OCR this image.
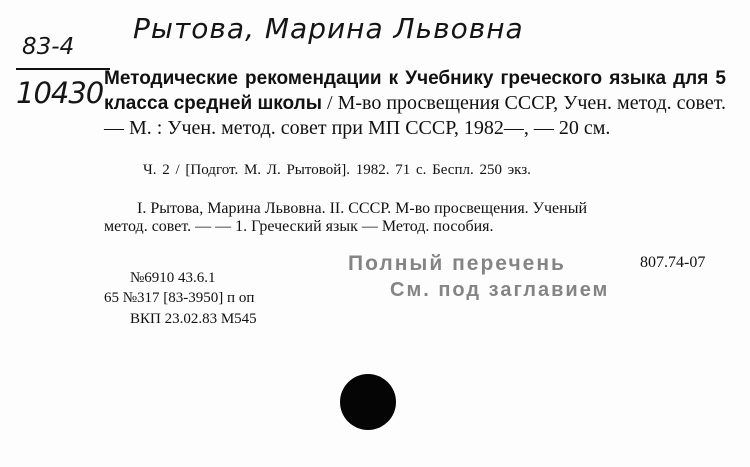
Рытова, Марина Львовна
83-4
10430 Методические рекомендации к Учебнику греческого языка для 5 класса средней школы / М-во просвещения СССР, Учен. метод. совет. — М. : Учен. метод. совет при МП СССР, 1982—, — 20 см.
Ч. 2 / [Подгот. М. Л. Рытовой]. 1982. 71 с. Беспл. 250 экз.
I. Рытова, Марина Львовна. II. СССР. М-во просвещения. Ученый
метод. совет. — — 1. Греческий язык — Метод. пособия.
Полный перечень	807.74-07
См. под заглавием
№6910 43.6.1
65 №317 [83-3950] п оп
ВКП 23.02.83 М545
